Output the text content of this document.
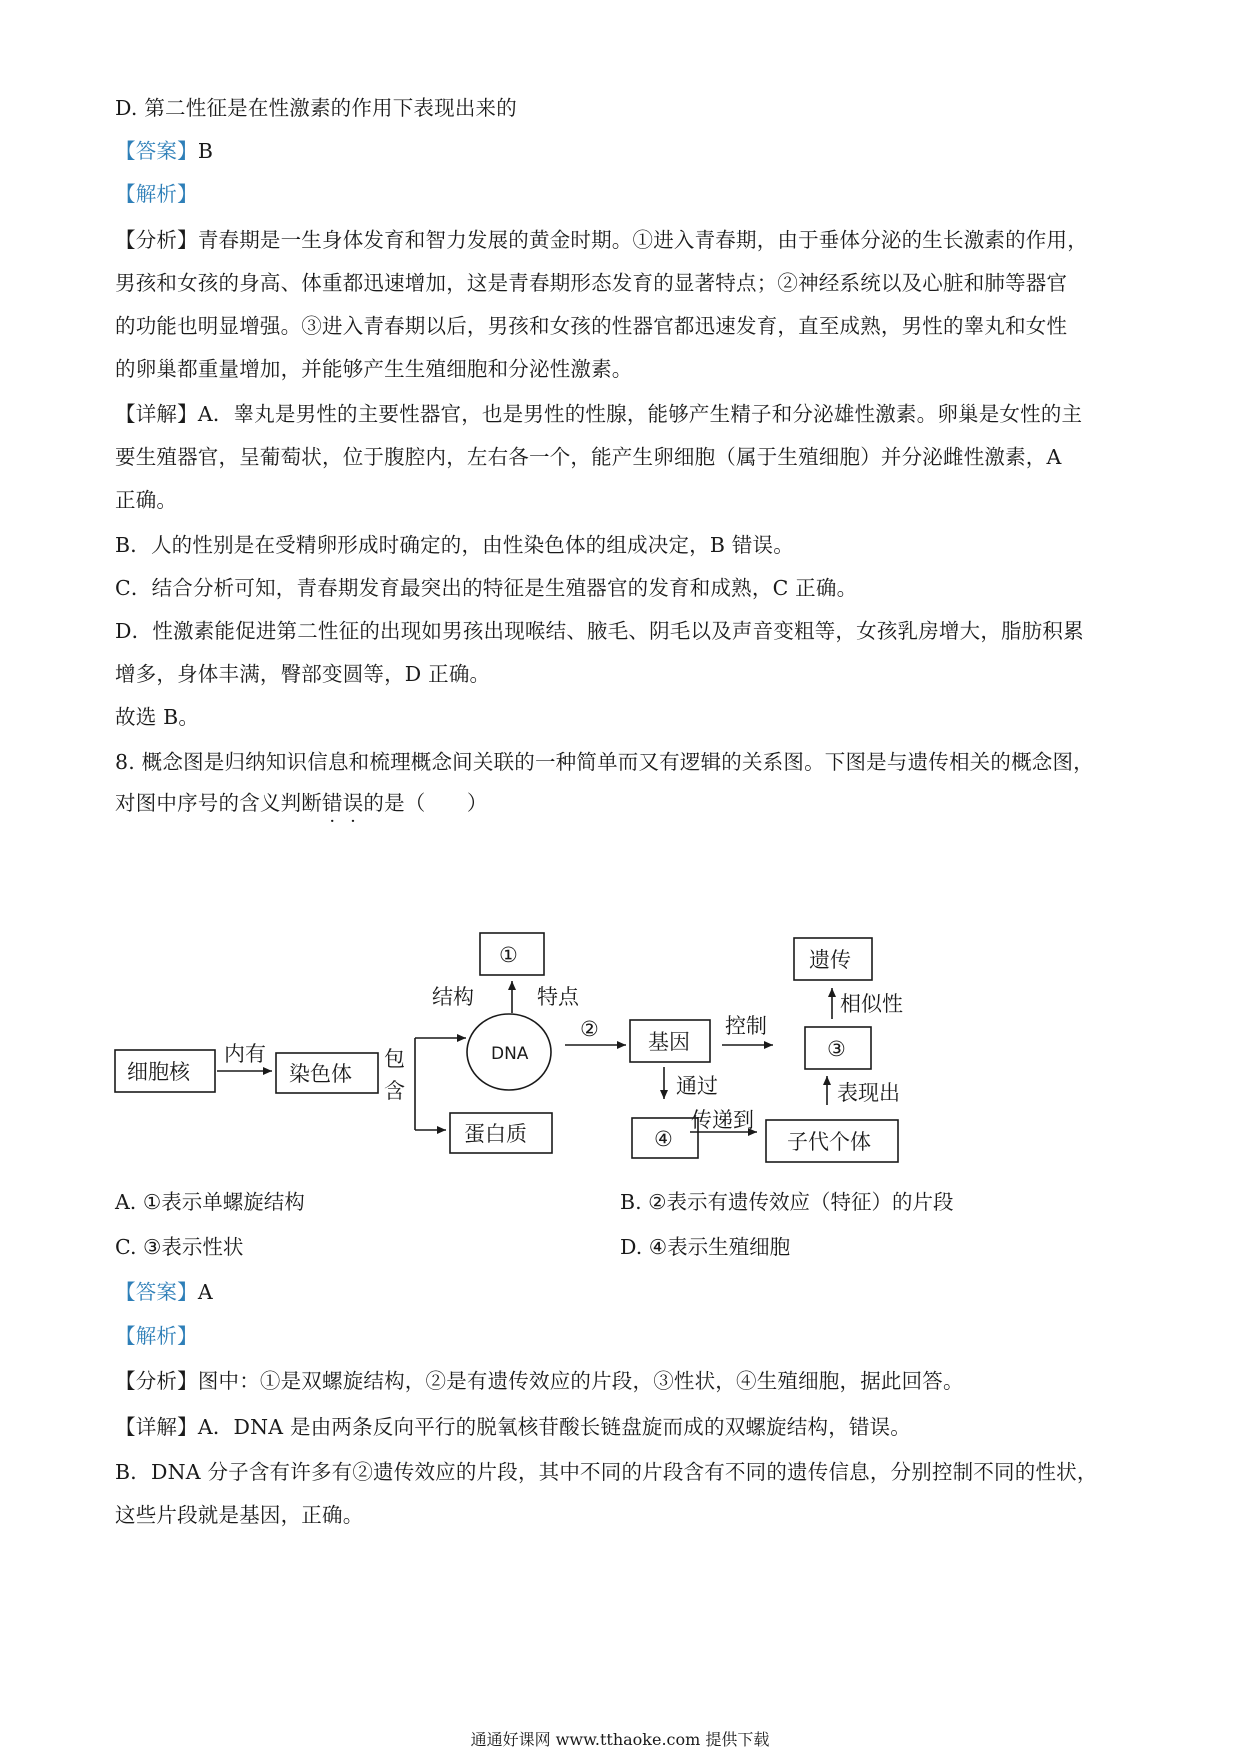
D. 第二性征是在性激素的作用下表现出来的
【答案】B
【解析】
【分析】青春期是一生身体发育和智力发展的黄金时期。①进入青春期，由于垂体分泌的生长激素的作用，
男孩和女孩的身高、体重都迅速增加，这是青春期形态发育的显著特点；②神经系统以及心脏和肺等器官
的功能也明显增强。③进入青春期以后，男孩和女孩的性器官都迅速发育，直至成熟，男性的睾丸和女性
的卵巢都重量增加，并能够产生生殖细胞和分泌性激素。
【详解】A．睾丸是男性的主要性器官，也是男性的性腺，能够产生精子和分泌雄性激素。卵巢是女性的主
要生殖器官，呈葡萄状，位于腹腔内，左右各一个，能产生卵细胞（属于生殖细胞）并分泌雌性激素，A
正确。
B．人的性别是在受精卵形成时确定的，由性染色体的组成决定，B 错误。
C．结合分析可知，青春期发育最突出的特征是生殖器官的发育和成熟，C 正确。
D．性激素能促进第二性征的出现如男孩出现喉结、腋毛、阴毛以及声音变粗等，女孩乳房增大，脂肪积累
增多，身体丰满，臀部变圆等，D 正确。
故选 B。
8. 概念图是归纳知识信息和梳理概念间关联的一种简单而又有逻辑的关系图。下图是与遗传相关的概念图，
对图中序号的含义判断错误的是（　　）
细胞核
内有
染色体
包
含
DNA
蛋白质
结构	特点
①
②
基因
控制
③
相似性
遗传
通过	表现出
④
传递到
子代个体
A. ①表示单螺旋结构	B. ②表示有遗传效应（特征）的片段
C. ③表示性状	D. ④表示生殖细胞
【答案】A
【解析】
【分析】图中：①是双螺旋结构，②是有遗传效应的片段，③性状，④生殖细胞，据此回答。
【详解】A．DNA 是由两条反向平行的脱氧核苷酸长链盘旋而成的双螺旋结构，错误。
B．DNA 分子含有许多有②遗传效应的片段，其中不同的片段含有不同的遗传信息，分别控制不同的性状，
这些片段就是基因，正确。
通通好课网 www.tthaoke.com 提供下载
